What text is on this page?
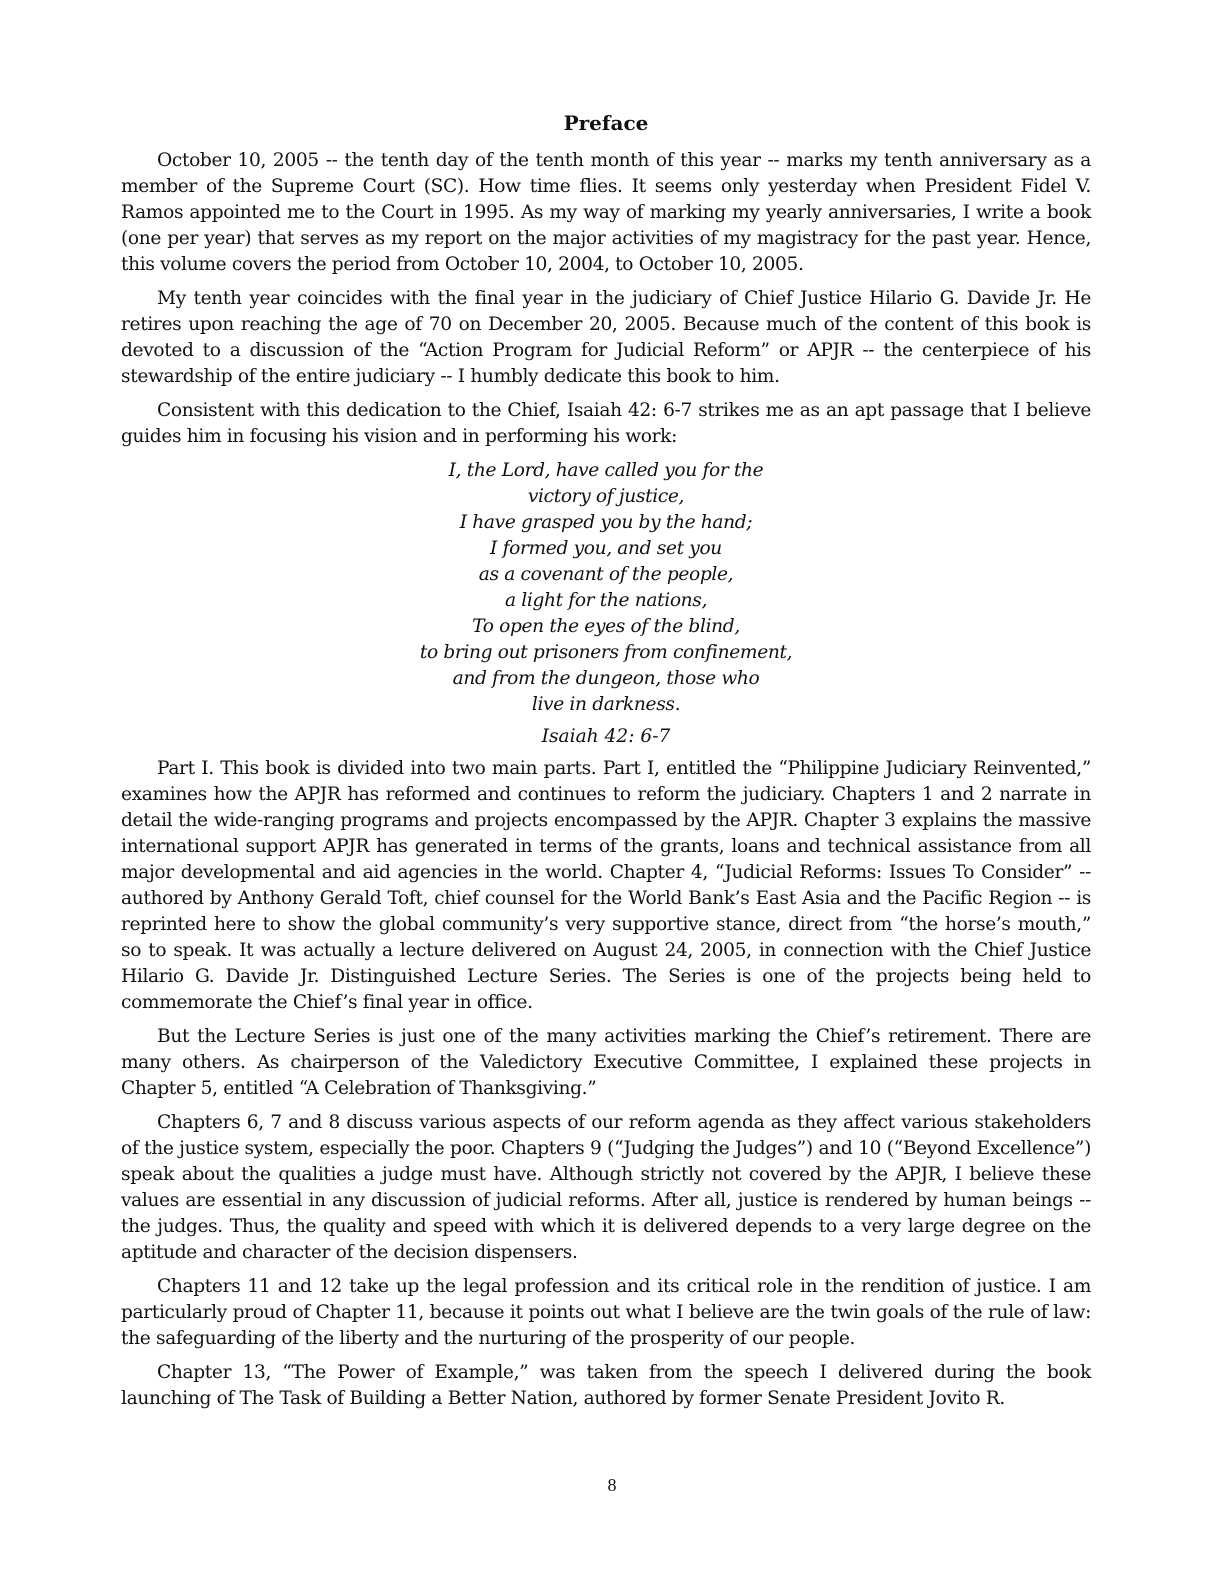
Preface

October 10, 2005 -- the tenth day of the tenth month of this year -- marks my tenth anniversary as a member of the Supreme Court (SC). How time flies. It seems only yesterday when President Fidel V. Ramos appointed me to the Court in 1995. As my way of marking my yearly anniversaries, I write a book (one per year) that serves as my report on the major activities of my magistracy for the past year. Hence, this volume covers the period from October 10, 2004, to October 10, 2005.

My tenth year coincides with the final year in the judiciary of Chief Justice Hilario G. Davide Jr. He retires upon reaching the age of 70 on December 20, 2005. Because much of the content of this book is devoted to a discussion of the “Action Program for Judicial Reform” or APJR -- the centerpiece of his stewardship of the entire judiciary -- I humbly dedicate this book to him.

Consistent with this dedication to the Chief, Isaiah 42: 6-7 strikes me as an apt passage that I believe guides him in focusing his vision and in performing his work:

I, the Lord, have called you for the
victory of justice,
I have grasped you by the hand;
I formed you, and set you
as a covenant of the people,
a light for the nations,
To open the eyes of the blind,
to bring out prisoners from confinement,
and from the dungeon, those who
live in darkness.
Isaiah 42: 6-7

Part I. This book is divided into two main parts. Part I, entitled the “Philippine Judiciary Reinvented,” examines how the APJR has reformed and continues to reform the judiciary. Chapters 1 and 2 narrate in detail the wide-ranging programs and projects encompassed by the APJR. Chapter 3 explains the massive international support APJR has generated in terms of the grants, loans and technical assistance from all major developmental and aid agencies in the world. Chapter 4, “Judicial Reforms: Issues To Consider” -- authored by Anthony Gerald Toft, chief counsel for the World Bank’s East Asia and the Pacific Region -- is reprinted here to show the global community’s very supportive stance, direct from “the horse’s mouth,” so to speak. It was actually a lecture delivered on August 24, 2005, in connection with the Chief Justice Hilario G. Davide Jr. Distinguished Lecture Series. The Series is one of the projects being held to commemorate the Chief’s final year in office.

But the Lecture Series is just one of the many activities marking the Chief’s retirement. There are many others. As chairperson of the Valedictory Executive Committee, I explained these projects in Chapter 5, entitled “A Celebration of Thanksgiving.”

Chapters 6, 7 and 8 discuss various aspects of our reform agenda as they affect various stakeholders of the justice system, especially the poor. Chapters 9 (“Judging the Judges”) and 10 (“Beyond Excellence”) speak about the qualities a judge must have. Although strictly not covered by the APJR, I believe these values are essential in any discussion of judicial reforms. After all, justice is rendered by human beings -- the judges. Thus, the quality and speed with which it is delivered depends to a very large degree on the aptitude and character of the decision dispensers.

Chapters 11 and 12 take up the legal profession and its critical role in the rendition of justice. I am particularly proud of Chapter 11, because it points out what I believe are the twin goals of the rule of law: the safeguarding of the liberty and the nurturing of the prosperity of our people.

Chapter 13, “The Power of Example,” was taken from the speech I delivered during the book launching of The Task of Building a Better Nation, authored by former Senate President Jovito R.

8
